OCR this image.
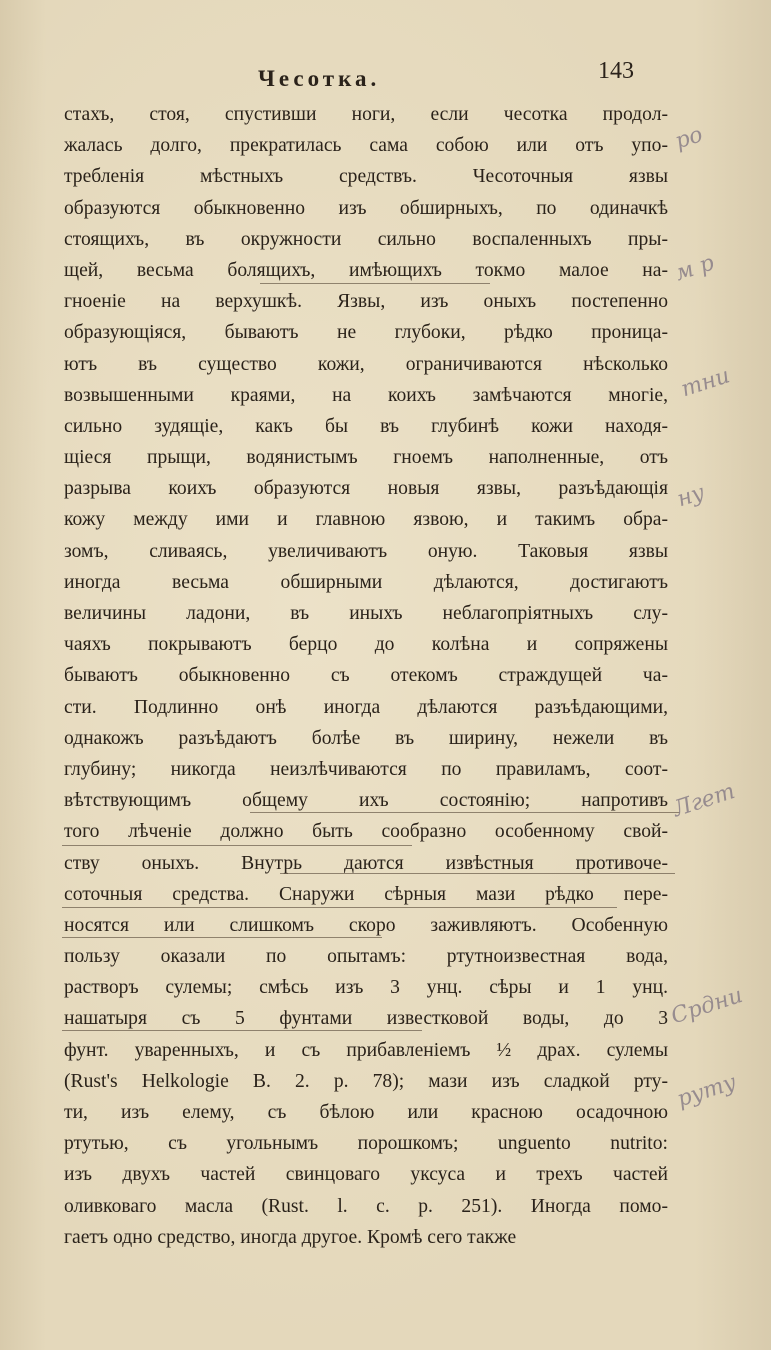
Чесотка.	143
стахъ, стоя, спустивши ноги, если чесотка продол-
жалась долго, прекратилась сама собою или отъ упо-
требленія мѣстныхъ средствъ. Чесоточныя язвы
образуются обыкновенно изъ обширныхъ, по одиначкѣ
стоящихъ, въ окружности сильно воспаленныхъ пры-
щей, весьма болящихъ, имѣющихъ токмо малое на-
гноеніе на верхушкѣ. Язвы, изъ оныхъ постепенно
образующіяся, бываютъ не глубоки, рѣдко проница-
ютъ въ существо кожи, ограничиваются нѣсколько
возвышенными краями, на коихъ замѣчаются многіе,
сильно зудящіе, какъ бы въ глубинѣ кожи находя-
щіеся прыщи, водянистымъ гноемъ наполненные, отъ
разрыва коихъ образуются новыя язвы, разъѣдающія
кожу между ими и главною язвою, и такимъ обра-
зомъ, сливаясь, увеличиваютъ оную. Таковыя язвы
иногда весьма обширными дѣлаются, достигаютъ
величины ладони, въ иныхъ неблагопріятныхъ слу-
чаяхъ покрываютъ берцо до колѣна и сопряжены
бываютъ обыкновенно съ отекомъ страждущей ча-
сти. Подлинно онѣ иногда дѣлаются разъѣдающими,
однакожъ разъѣдаютъ болѣе въ ширину, нежели въ
глубину; никогда неизлѣчиваются по правиламъ, соот-
вѣтствующимъ общему ихъ состоянію; напротивъ
того лѣченіе должно быть сообразно особенному свой-
ству оныхъ. Внутрь даются извѣстныя противоче-
соточныя средства. Снаружи сѣрныя мази рѣдко пере-
носятся или слишкомъ скоро заживляютъ. Особенную
пользу оказали по опытамъ: ртутноизвестная вода,
растворъ сулемы; смѣсь изъ 3 унц. сѣры и 1 унц.
нашатыря съ 5 фунтами известковой воды, до 3
фунт. уваренныхъ, и съ прибавленіемъ ½ драх. сулемы
(Rust's Helkologie B. 2. p. 78); мази изъ сладкой рту-
ти, изъ елему, съ бѣлою или красною осадочною
ртутью, съ угольнымъ порошкомъ; unguento nutrito:
изъ двухъ частей свинцоваго уксуса и трехъ частей
оливковаго масла (Rust. l. c. p. 251). Иногда помо-
гаетъ одно средство, иногда другое. Кромѣ сего также
ро
м р
тни
ну
Лгет
Срдни
руту
